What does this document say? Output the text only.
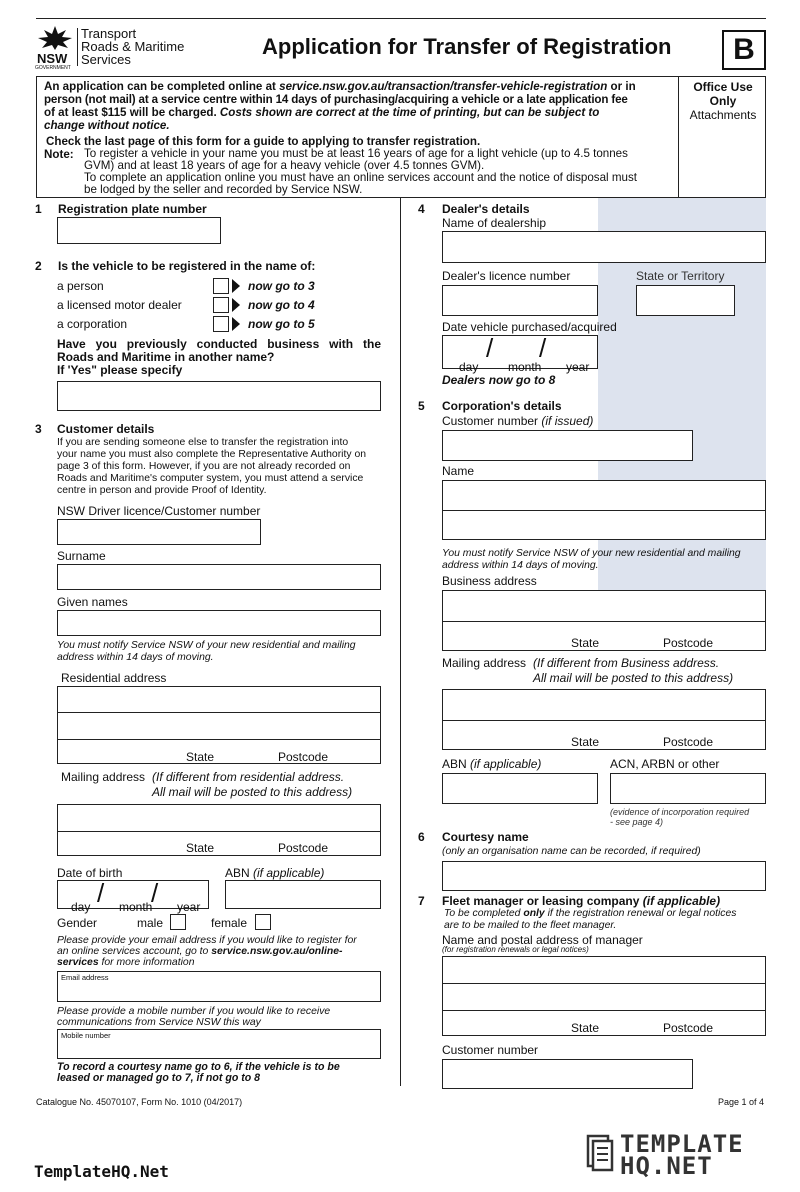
NSW
GOVERNMENT
Transport
Roads & Maritime
Services
Application for Transfer of Registration	B
An application can be completed online at service.nsw.gov.au/transaction/transfer-vehicle-registration or in
person (not mail) at a service centre within 14 days of purchasing/acquiring a vehicle or a late application fee
of at least $115 will be charged. Costs shown are correct at the time of printing, but can be subject to
change without notice.
Check the last page of this form for a guide to applying to transfer registration.
Note: To register a vehicle in your name you must be at least 16 years of age for a light vehicle (up to 4.5 tonnes
GVM) and at least 18 years of age for a heavy vehicle (over 4.5 tonnes GVM).
To complete an application online you must have an online services account and the notice of disposal must
be lodged by the seller and recorded by Service NSW.
Office Use
Only
Attachments
1 Registration plate number
2 Is the vehicle to be registered in the name of:
a person	now go to 3
a licensed motor dealer	now go to 4
a corporation	now go to 5
Have you previously conducted business with the
Roads and Maritime in another name?
If 'Yes" please specify
3 Customer details
If you are sending someone else to transfer the registration into
your name you must also complete the Representative Authority on
page 3 of this form. However, if you are not already recorded on
Roads and Maritime's computer system, you must attend a service
centre in person and provide Proof of Identity.
NSW Driver licence/Customer number
Surname
Given names
You must notify Service NSW of your new residential and mailing
address within 14 days of moving.
Residential address
State	Postcode
Mailing address (If different from residential address.
All mail will be posted to this address)
State	Postcode
Date of birth
/ /
day month year
ABN (if applicable)
Gender	male	female
Please provide your email address if you would like to register for
an online services account, go to service.nsw.gov.au/online-
services for more information
Email address
Please provide a mobile number if you would like to receive
communications from Service NSW this way
Mobile number
To record a courtesy name go to 6, if the vehicle is to be
leased or managed go to 7, if not go to 8
4 Dealer's details
Name of dealership
Dealer's licence number	State or Territory
Date vehicle purchased/acquired
/ /
day month year
Dealers now go to 8
5 Corporation's details
Customer number (if issued)
Name
You must notify Service NSW of your new residential and mailing
address within 14 days of moving.
Business address
State	Postcode
Mailing address (If different from Business address.
All mail will be posted to this address)
State	Postcode
ABN (if applicable)	ACN, ARBN or other
(evidence of incorporation required
- see page 4)
6 Courtesy name
(only an organisation name can be recorded, if required)
7 Fleet manager or leasing company (if applicable)
To be completed only if the registration renewal or legal notices
are to be mailed to the fleet manager.
Name and postal address of manager
(for registration renewals or legal notices)
State	Postcode
Customer number
Catalogue No. 45070107, Form No. 1010 (04/2017)	Page 1 of 4
TemplateHQ.Net
TEMPLATE
HQ.NET
